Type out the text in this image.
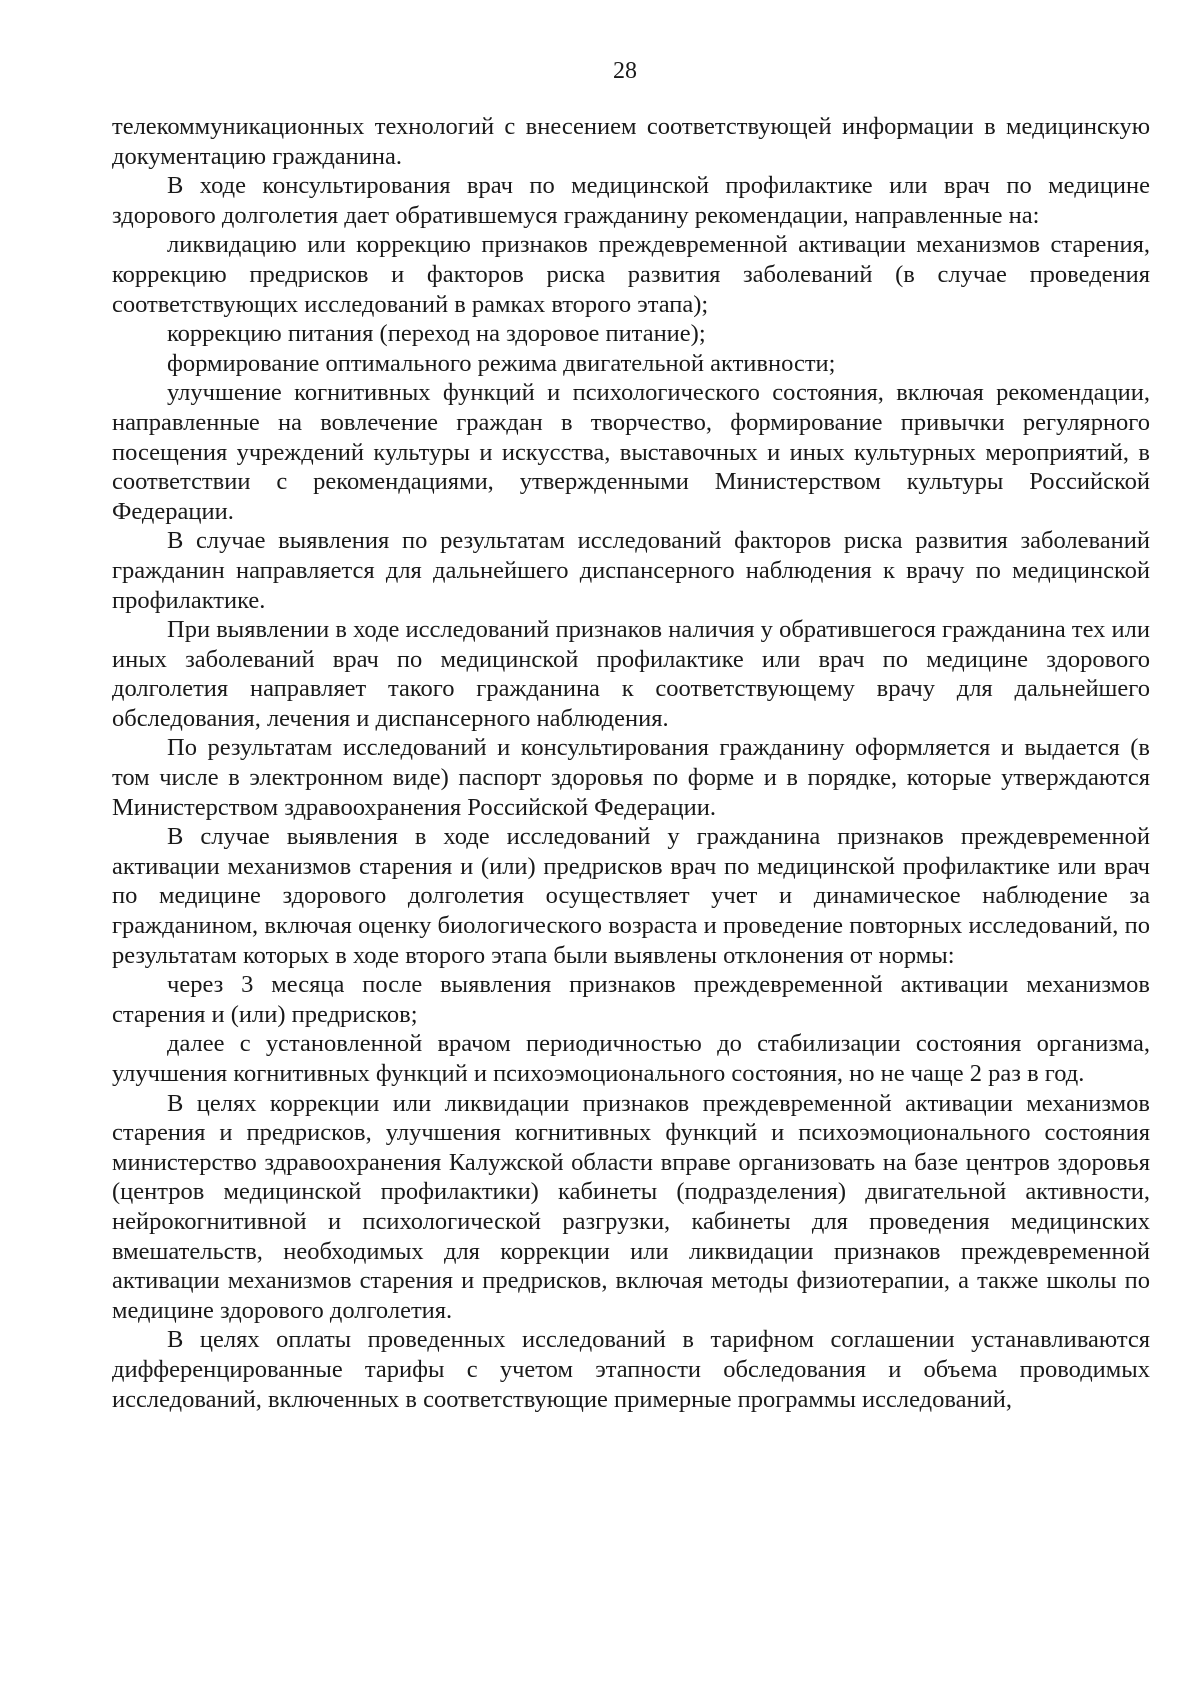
28

телекоммуникационных технологий с внесением соответствующей информации в медицинскую документацию гражданина.

В ходе консультирования врач по медицинской профилактике или врач по медицине здорового долголетия дает обратившемуся гражданину рекомендации, направленные на:

ликвидацию или коррекцию признаков преждевременной активации механизмов старения, коррекцию предрисков и факторов риска развития заболеваний (в случае проведения соответствующих исследований в рамках второго этапа);

коррекцию питания (переход на здоровое питание);

формирование оптимального режима двигательной активности;

улучшение когнитивных функций и психологического состояния, включая рекомендации, направленные на вовлечение граждан в творчество, формирование привычки регулярного посещения учреждений культуры и искусства, выставочных и иных культурных мероприятий, в соответствии с рекомендациями, утвержденными Министерством культуры Российской Федерации.

В случае выявления по результатам исследований факторов риска развития заболеваний гражданин направляется для дальнейшего диспансерного наблюдения к врачу по медицинской профилактике.

При выявлении в ходе исследований признаков наличия у обратившегося гражданина тех или иных заболеваний врач по медицинской профилактике или врач по медицине здорового долголетия направляет такого гражданина к соответствующему врачу для дальнейшего обследования, лечения и диспансерного наблюдения.

По результатам исследований и консультирования гражданину оформляется и выдается (в том числе в электронном виде) паспорт здоровья по форме и в порядке, которые утверждаются Министерством здравоохранения Российской Федерации.

В случае выявления в ходе исследований у гражданина признаков преждевременной активации механизмов старения и (или) предрисков врач по медицинской профилактике или врач по медицине здорового долголетия осуществляет учет и динамическое наблюдение за гражданином, включая оценку биологического возраста и проведение повторных исследований, по результатам которых в ходе второго этапа были выявлены отклонения от нормы:

через 3 месяца после выявления признаков преждевременной активации механизмов старения и (или) предрисков;

далее с установленной врачом периодичностью до стабилизации состояния организма, улучшения когнитивных функций и психоэмоционального состояния, но не чаще 2 раз в год.

В целях коррекции или ликвидации признаков преждевременной активации механизмов старения и предрисков, улучшения когнитивных функций и психоэмоционального состояния министерство здравоохранения Калужской области вправе организовать на базе центров здоровья (центров медицинской профилактики) кабинеты (подразделения) двигательной активности, нейрокогнитивной и психологической разгрузки, кабинеты для проведения медицинских вмешательств, необходимых для коррекции или ликвидации признаков преждевременной активации механизмов старения и предрисков, включая методы физиотерапии, а также школы по медицине здорового долголетия.

В целях оплаты проведенных исследований в тарифном соглашении устанавливаются дифференцированные тарифы с учетом этапности обследования и объема проводимых исследований, включенных в соответствующие примерные программы исследований,
